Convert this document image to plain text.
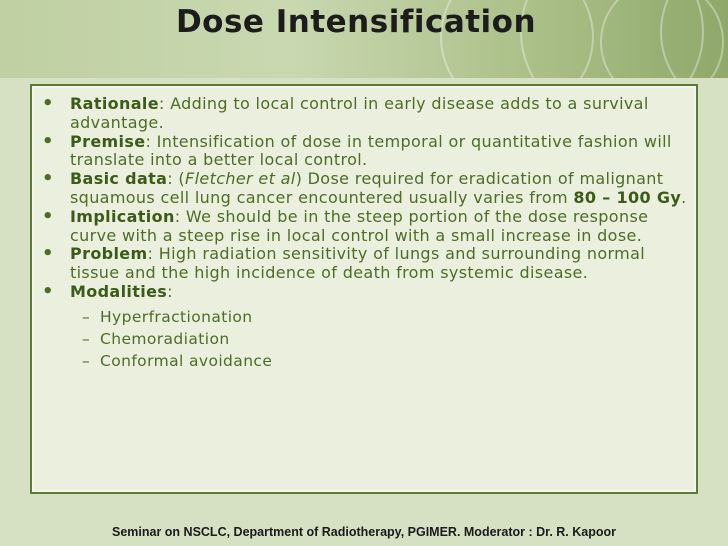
Dose Intensification
• Rationale: Adding to local control in early disease adds to a survival advantage.
• Premise: Intensification of dose in temporal or quantitative fashion will translate into a better local control.
• Basic data: (Fletcher et al) Dose required for eradication of malignant squamous cell lung cancer encountered usually varies from 80 – 100 Gy.
• Implication: We should be in the steep portion of the dose response curve with a steep rise in local control with a small increase in dose.
• Problem: High radiation sensitivity of lungs and surrounding normal tissue and the high incidence of death from systemic disease.
• Modalities:
– Hyperfractionation
– Chemoradiation
– Conformal avoidance
Seminar on NSCLC, Department of Radiotherapy, PGIMER. Moderator : Dr. R. Kapoor
